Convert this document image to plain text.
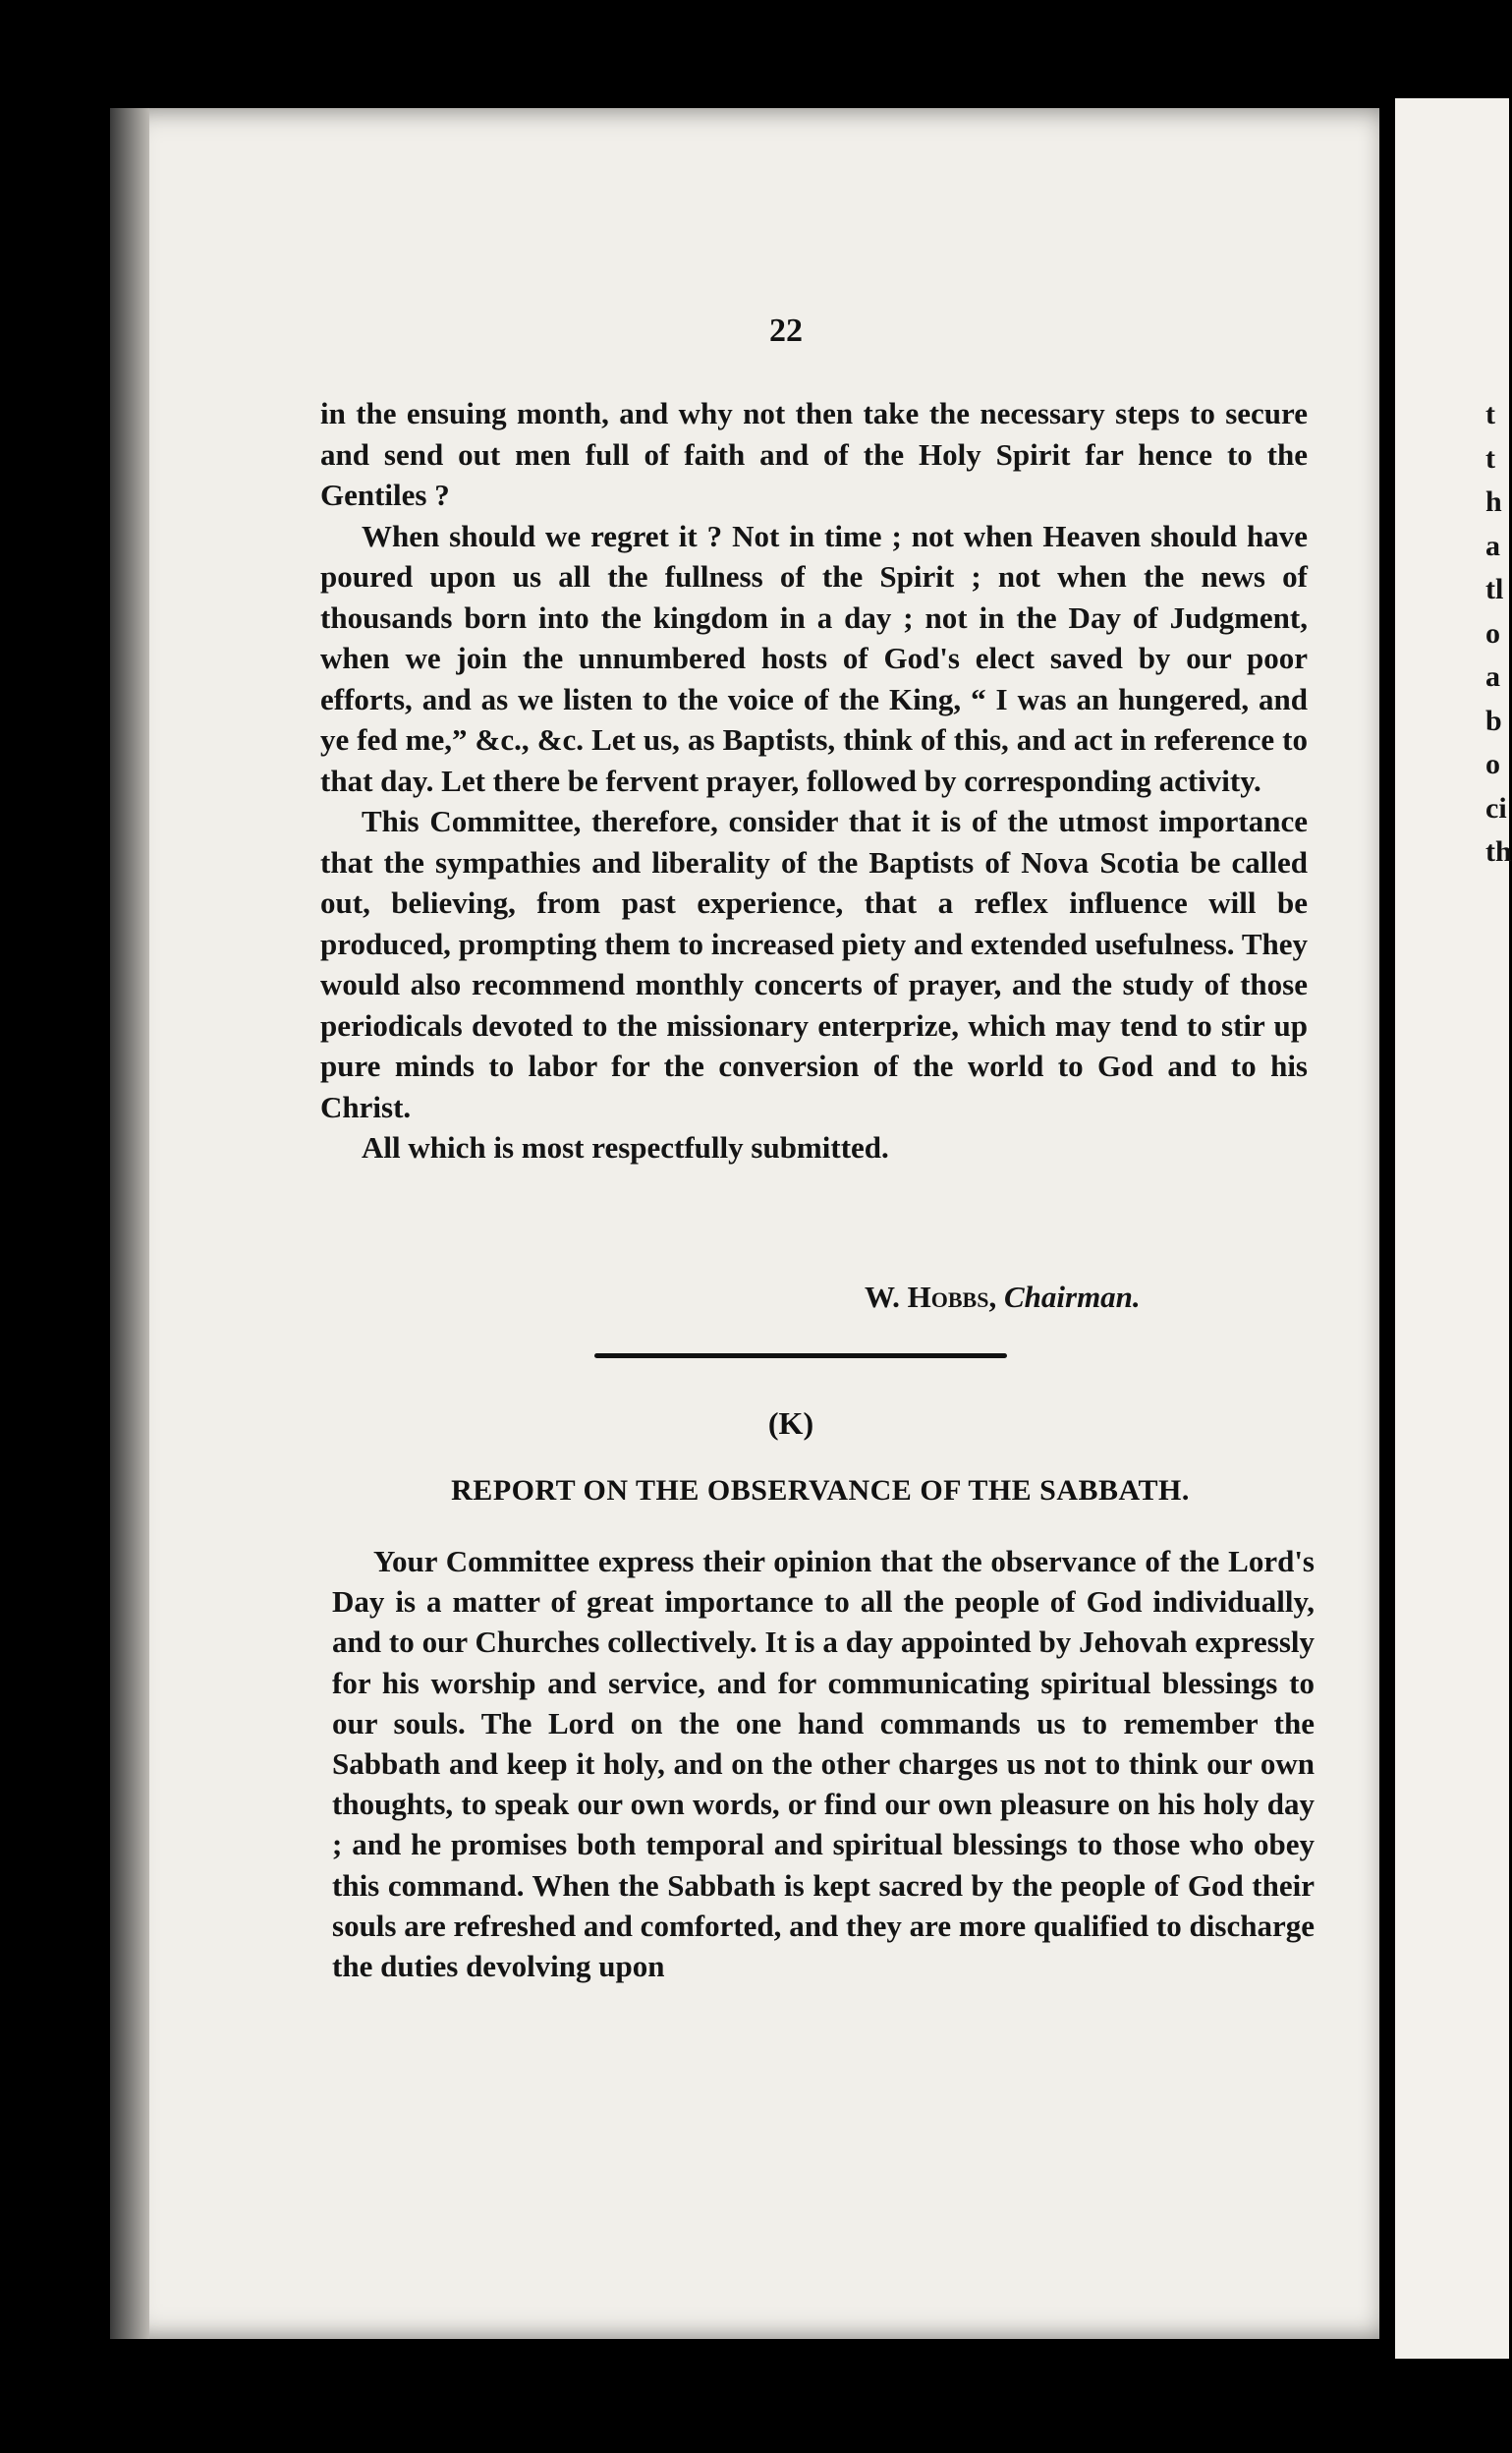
22

in the ensuing month, and why not then take the necessary steps to secure and send out men full of faith and of the Holy Spirit far hence to the Gentiles ?

When should we regret it ? Not in time ; not when Heaven should have poured upon us all the fullness of the Spirit ; not when the news of thousands born into the kingdom in a day ; not in the Day of Judgment, when we join the unnumbered hosts of God's elect saved by our poor efforts, and as we listen to the voice of the King, “ I was an hungered, and ye fed me,” &c., &c. Let us, as Baptists, think of this, and act in reference to that day. Let there be fervent prayer, followed by corresponding activity.

This Committee, therefore, consider that it is of the utmost importance that the sympathies and liberality of the Baptists of Nova Scotia be called out, believing, from past experience, that a reflex influence will be produced, prompting them to increased piety and extended usefulness. They would also recommend monthly concerts of prayer, and the study of those periodicals devoted to the missionary enterprize, which may tend to stir up pure minds to labor for the conversion of the world to God and to his Christ.

All which is most respectfully submitted.

W. Hobbs, Chairman.
(K)
REPORT ON THE OBSERVANCE OF THE SABBATH.

Your Committee express their opinion that the observance of the Lord's Day is a matter of great importance to all the people of God individually, and to our Churches collectively. It is a day appointed by Jehovah expressly for his worship and service, and for communicating spiritual blessings to our souls. The Lord on the one hand commands us to remember the Sabbath and keep it holy, and on the other charges us not to think our own thoughts, to speak our own words, or find our own pleasure on his holy day ; and he promises both temporal and spiritual blessings to those who obey this command. When the Sabbath is kept sacred by the people of God their souls are refreshed and comforted, and they are more qualified to discharge the duties devolving upon

t
t
h
a
tl
o
a
b
o
ci
th
